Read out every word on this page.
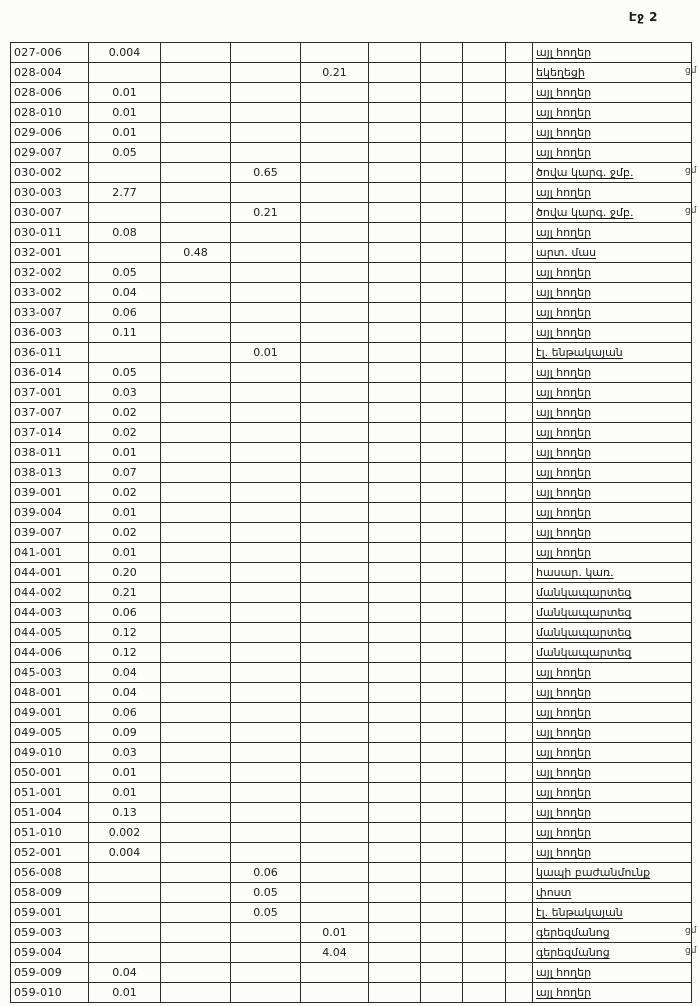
Էջ 2
027-006	0.004								այլ հողեր
028-004				0.21					եկեղեցի
028-006	0.01								այլ հողեր
028-010	0.01								այլ հողեր
029-006	0.01								այլ հողեր
029-007	0.05								այլ հողեր
030-002			0.65						ծովա կարգ. ջմբ.
030-003	2.77								այլ հողեր
030-007			0.21						ծովա կարգ. ջմբ.
030-011	0.08								այլ հողեր
032-001		0.48							արտ. մաս
032-002	0.05								այլ հողեր
033-002	0.04								այլ հողեր
033-007	0.06								այլ հողեր
036-003	0.11								այլ հողեր
036-011			0.01						էլ. ենթակայան
036-014	0.05								այլ հողեր
037-001	0.03								այլ հողեր
037-007	0.02								այլ հողեր
037-014	0.02								այլ հողեր
038-011	0.01								այլ հողեր
038-013	0.07								այլ հողեր
039-001	0.02								այլ հողեր
039-004	0.01								այլ հողեր
039-007	0.02								այլ հողեր
041-001	0.01								այլ հողեր
044-001	0.20								հասար. կառ.
044-002	0.21								մանկապարտեզ
044-003	0.06								մանկապարտեզ
044-005	0.12								մանկապարտեզ
044-006	0.12								մանկապարտեզ
045-003	0.04								այլ հողեր
048-001	0.04								այլ հողեր
049-001	0.06								այլ հողեր
049-005	0.09								այլ հողեր
049-010	0.03								այլ հողեր
050-001	0.01								այլ հողեր
051-001	0.01								այլ հողեր
051-004	0.13								այլ հողեր
051-010	0.002								այլ հողեր
052-001	0.004								այլ հողեր
056-008			0.06						կապի բաժանմունք
058-009			0.05						փոստ
059-001			0.05						էլ. ենթակայան
059-003				0.01					գերեզմանոց
059-004				4.04					գերեզմանոց
059-009	0.04								այլ հողեր
059-010	0.01								այլ հողեր
ցմ
ցմ
ցմ
ցմ
ցմ
